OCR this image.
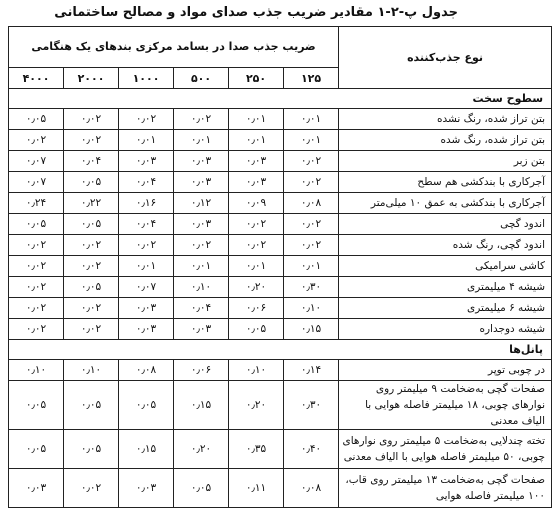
جدول پ-۲-۱ مقادیر ضریب جذب صدای مواد و مصالح ساختمانی
نوع جذب‌کننده	ضریب جذب صدا در بسامد مرکزی بندهای یک هنگامی					
	۱۲۵	۲۵۰	۵۰۰	۱۰۰۰	۲۰۰۰	۴۰۰۰
سطوح سخت						
بتن تراز شده، رنگ نشده	۰٫۰۱	۰٫۰۱	۰٫۰۲	۰٫۰۲	۰٫۰۲	۰٫۰۵
بتن تراز شده، رنگ شده	۰٫۰۱	۰٫۰۱	۰٫۰۱	۰٫۰۱	۰٫۰۲	۰٫۰۲
بتن زبر	۰٫۰۲	۰٫۰۳	۰٫۰۳	۰٫۰۳	۰٫۰۴	۰٫۰۷
آجرکاری با بندکشی هم سطح	۰٫۰۲	۰٫۰۳	۰٫۰۳	۰٫۰۴	۰٫۰۵	۰٫۰۷
آجرکاری با بندکشی به عمق ۱۰ میلی‌متر	۰٫۰۸	۰٫۰۹	۰٫۱۲	۰٫۱۶	۰٫۲۲	۰٫۲۴
اندود گچی	۰٫۰۲	۰٫۰۲	۰٫۰۳	۰٫۰۴	۰٫۰۵	۰٫۰۵
اندود گچی، رنگ شده	۰٫۰۲	۰٫۰۲	۰٫۰۲	۰٫۰۲	۰٫۰۲	۰٫۰۲
کاشی سرامیکی	۰٫۰۱	۰٫۰۱	۰٫۰۱	۰٫۰۱	۰٫۰۲	۰٫۰۲
شیشه ۴ میلیمتری	۰٫۳۰	۰٫۲۰	۰٫۱۰	۰٫۰۷	۰٫۰۵	۰٫۰۲
شیشه ۶ میلیمتری	۰٫۱۰	۰٫۰۶	۰٫۰۴	۰٫۰۳	۰٫۰۲	۰٫۰۲
شیشه دوجداره	۰٫۱۵	۰٫۰۵	۰٫۰۳	۰٫۰۳	۰٫۰۲	۰٫۰۲
پانل‌ها						
در چوبی توپر	۰٫۱۴	۰٫۱۰	۰٫۰۶	۰٫۰۸	۰٫۱۰	۰٫۱۰
صفحات گچی به‌ضخامت ۹ میلیمتر روی نوارهای چوبی، ۱۸ میلیمتر فاصله هوایی با الیاف معدنی	۰٫۳۰	۰٫۲۰	۰٫۱۵	۰٫۰۵	۰٫۰۵	۰٫۰۵
تخته چندلایی به‌ضخامت ۵ میلیمتر روی نوارهای چوبی، ۵۰ میلیمتر فاصله هوایی با الیاف معدنی	۰٫۴۰	۰٫۳۵	۰٫۲۰	۰٫۱۵	۰٫۰۵	۰٫۰۵
صفحات گچی به‌ضخامت ۱۳ میلیمتر روی قاب، ۱۰۰ میلیمتر فاصله هوایی	۰٫۰۸	۰٫۱۱	۰٫۰۵	۰٫۰۳	۰٫۰۲	۰٫۰۳
